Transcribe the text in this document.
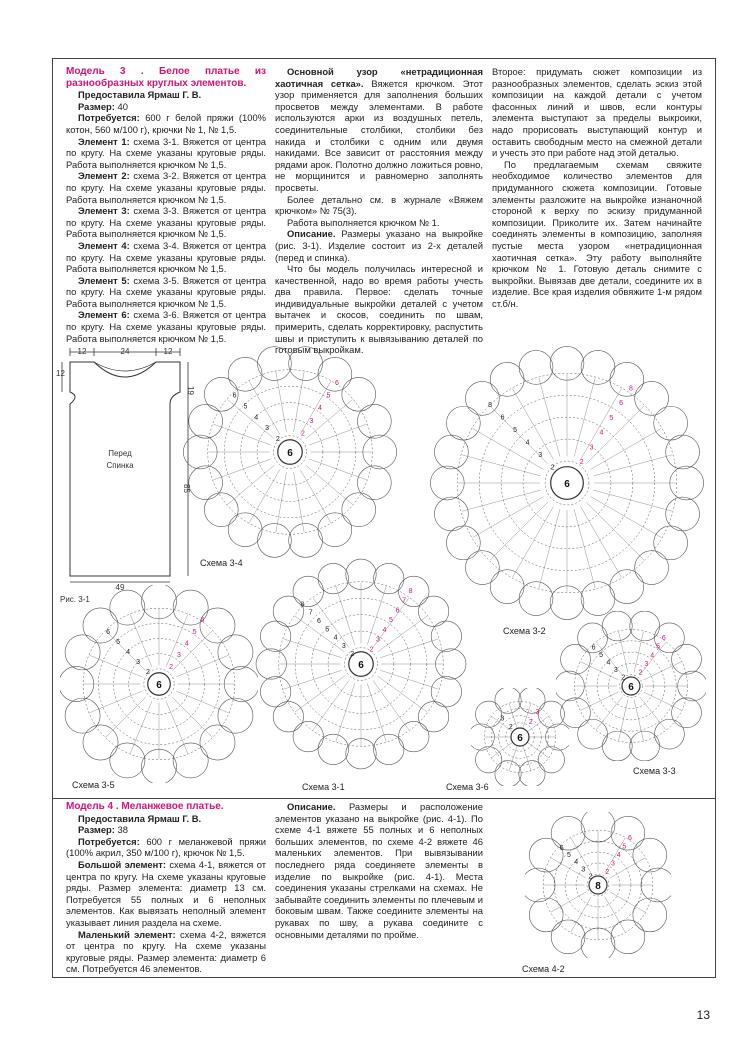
Модель 3 . Белое платье из разнообразных круглых элементов.

Предоставила Ярмаш Г. В.

Размер: 40

Потребуется: 600 г белой пряжи (100% котон, 560 м/100 г), крючки № 1, № 1,5.

Элемент 1: схема 3-1. Вяжется от центра по кругу. На схеме указаны круговые ряды. Работа выполняется крючком № 1,5.

Элемент 2: схема 3-2. Вяжется от центра по кругу. На схеме указаны круговые ряды. Работа выполняется крючком № 1,5.

Элемент 3: схема 3-3. Вяжется от центра по кругу. На схеме указаны круговые ряды. Работа выполняется крючком № 1,5.

Элемент 4: схема 3-4. Вяжется от центра по кругу. На схеме указаны круговые ряды. Работа выполняется крючком № 1,5.

Элемент 5: схема 3-5. Вяжется от центра по кругу. На схеме указаны круговые ряды. Работа выполняется крючком № 1,5.

Элемент 6: схема 3-6. Вяжется от центра по кругу. На схеме указаны круговые ряды. Работа выполняется крючком № 1,5.

Основной узор «нетрадиционная хаотичная сетка». Вяжется крючком. Этот узор применяется для заполнения больших просветов между элементами. В работе используются арки из воздушных петель, соединительные столбики, столбики без накида и столбики с одним или двумя накидами. Все зависит от расстояния между рядами арок. Полотно должно ложиться ровно, не морщинится и равномерно заполнять просветы.

Более детально см. в журнале «Вяжем крючком» № 75(3).

Работа выполняется крючком № 1.

Описание. Размеры указано на выкройке (рис. 3-1). Изделие состоит из 2-х деталей (перед и спинка).

Что бы модель получилась интересной и качественной, надо во время работы учесть два правила. Первое: сделать точные индивидуальные выкройки деталей с учетом вытачек и скосов, соединить по швам, примерить, сделать корректировку, распустить швы и приступить к вывязыванию деталей по готовым выкройкам.

Второе: придумать сюжет композиции из разнообразных элементов, сделать эскиз этой композиции на каждой детали с учетом фасонных линий и швов, если контуры элемента выступают за пределы выкроики, надо прорисовать выступающий контур и оставить свободным место на смежной детали и учесть это при работе над этой деталью.

По предлагаемым схемам свяжите необходимое количество элементов для придуманного сюжета композиции. Готовые элементы разложите на выкройке изнаночной стороной к верху по эскизу придуманной композиции. Приколите их. Затем начинайте соединять элементы в композицию, заполняя пустые места узором «нетрадиционная хаотичная сетка». Эту работу выполняйте крючком № 1. Готовую деталь снимите с выкройки. Вывязав две детали, соедините их в изделие. Все края изделия обвяжите 1-м рядом ст.б/н.

12	24	12
Перед
Спинка
12
19
85
49
Рис. 3-1
6
2
2
3
3
4
4
5
5
6
6
Схема 3-4
6
2
2
3
3
4
4
5
5
6
6
8
8
Схема 3-2
6
2
2
3
3
4
4
5
5
6
6
Схема 3-5
6
2
2
3
3
4
4
5
5
6
6
7
7
8
8
Схема 3-1
6
2
2
3
3
Схема 3-6
6
2
2
3
3
4
4
5
5
6
6
Схема 3-3
8
2
2
3
3
4
4
5
5
6
6
Схема 4-2

Модель 4 . Меланжевое платье.

Предоставила Ярмаш Г. В.

Размер: 38

Потребуется: 600 г меланжевой пряжи (100% акрил, 350 м/100 г), крючок № 1,5.

Большой элемент: схема 4-1, вяжется от центра по кругу. На схеме указаны круговые ряды. Размер элемента: диаметр 13 см. Потребуется 55 полных и 6 неполных элементов. Как вывязать неполный элемент указывает линия раздела на схеме.

Маленький элемент: схема 4-2, вяжется от центра по кругу. На схеме указаны круговые ряды. Размер элемента: диаметр 6 см. Потребуется 46 элементов.

Описание. Размеры и расположение элементов указано на выкройке (рис. 4-1). По схеме 4-1 вяжете 55 полных и 6 неполных больших элементов, по схеме 4-2 вяжете 46 маленьких элементов. При вывязывании последнего ряда соединяете элементы в изделие по выкройке (рис. 4-1). Места соединения указаны стрелками на схемах. Не забывайте соединить элементы по плечевым и боковым швам. Также соедините элементы на рукавах по шву, а рукава соедините с основными деталями по пройме.

13
